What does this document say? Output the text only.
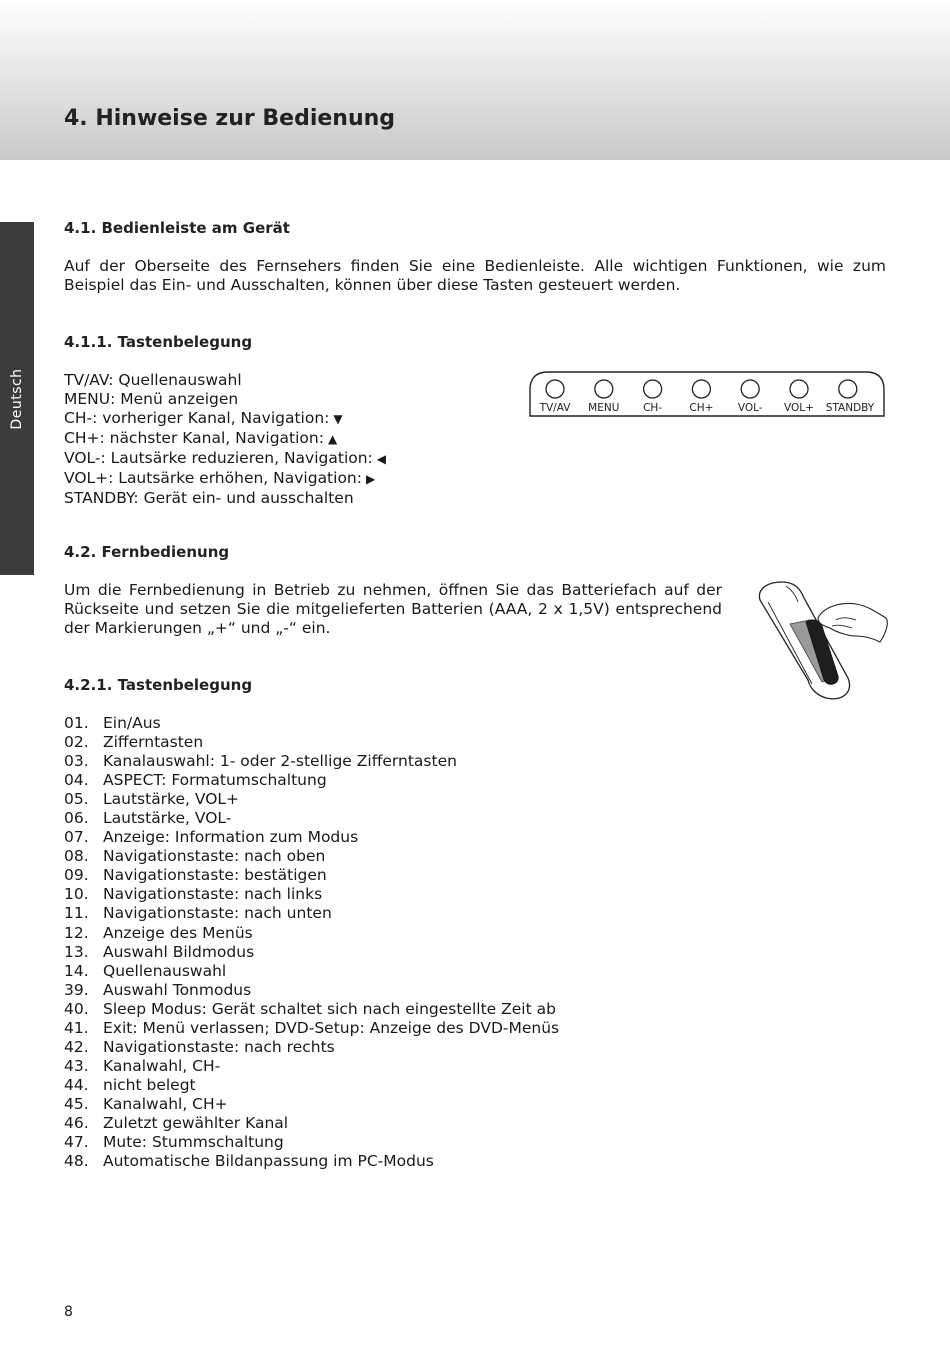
4. Hinweise zur Bedienung
Deutsch
4.1. Bedienleiste am Gerät

Auf der Oberseite des Fernsehers finden Sie eine Bedienleiste. Alle wichtigen Funktionen, wie zum Beispiel das Ein- und Ausschalten, können über diese Tasten gesteuert werden.

4.1.1. Tastenbelegung
TV/AV: Quellenauswahl
MENU: Menü anzeigen
CH-: vorheriger Kanal, Navigation: ▼
CH+: nächster Kanal, Navigation: ▲
VOL-: Lautsärke reduzieren, Navigation: ◀
VOL+: Lautsärke erhöhen, Navigation: ▶
STANDBY: Gerät ein- und ausschalten
TV/AV MENU CH-	CH+ VOL- VOL+ STANDBY
4.2. Fernbedienung

Um die Fernbedienung in Betrieb zu nehmen, öffnen Sie das Batteriefach auf der Rückseite und setzen Sie die mitgelieferten Batterien (AAA, 2 x 1,5V) entsprechend der Markierungen „+“ und „-“ ein.

4.2.1. Tastenbelegung
01. Ein/Aus
02. Zifferntasten
03. Kanalauswahl: 1- oder 2-stellige Zifferntasten
04. ASPECT: Formatumschaltung
05. Lautstärke, VOL+
06. Lautstärke, VOL-
07. Anzeige: Information zum Modus
08. Navigationstaste: nach oben
09. Navigationstaste: bestätigen
10. Navigationstaste: nach links
11. Navigationstaste: nach unten
12. Anzeige des Menüs
13. Auswahl Bildmodus
14. Quellenauswahl
39. Auswahl Tonmodus
40. Sleep Modus: Gerät schaltet sich nach eingestellte Zeit ab
41. Exit: Menü verlassen; DVD-Setup: Anzeige des DVD-Menüs
42. Navigationstaste: nach rechts
43. Kanalwahl, CH-
44. nicht belegt
45. Kanalwahl, CH+
46. Zuletzt gewählter Kanal
47. Mute: Stummschaltung
48. Automatische Bildanpassung im PC-Modus

8
